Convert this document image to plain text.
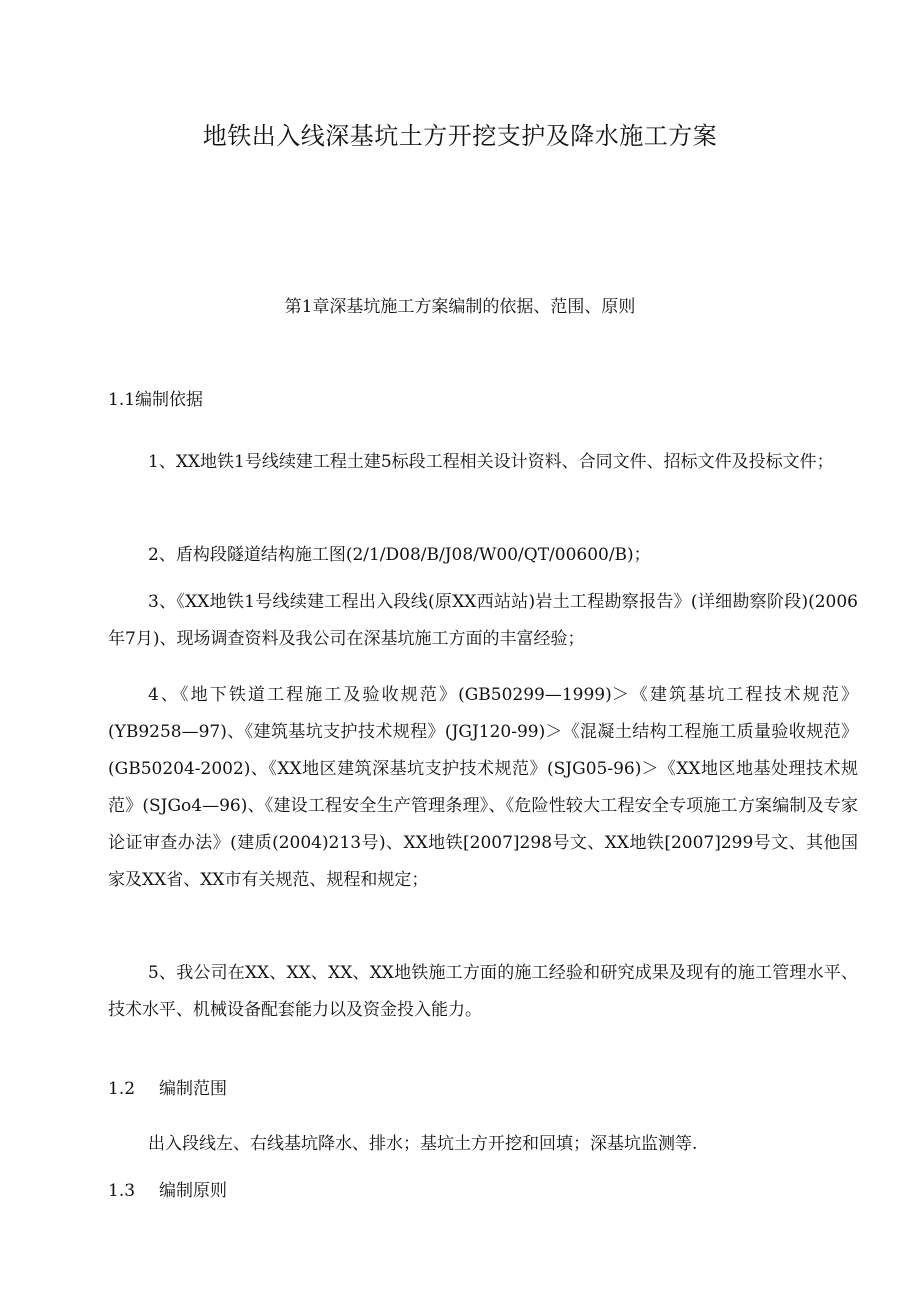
地铁出入线深基坑土方开挖支护及降水施工方案
第1章深基坑施工方案编制的依据、范围、原则
1.1编制依据

1、XX地铁1号线续建工程土建5标段工程相关设计资料、合同文件、招标文件及投标文件；

2、盾构段隧道结构施工图(2/1/D08/B/J08/W00/QT/00600/B)；

3、《XX地铁1号线续建工程出入段线(原XX西站站)岩土工程勘察报告》(详细勘察阶段)(2006年7月)、现场调查资料及我公司在深基坑施工方面的丰富经验；

4、《地下铁道工程施工及验收规范》(GB50299—1999)＞《建筑基坑工程技术规范》(YB9258—97)、《建筑基坑支护技术规程》(JGJ120-99)＞《混凝土结构工程施工质量验收规范》(GB50204-2002)、《XX地区建筑深基坑支护技术规范》(SJG05-96)＞《XX地区地基处理技术规范》(SJGo4—96)、《建设工程安全生产管理条理》、《危险性较大工程安全专项施工方案编制及专家论证审查办法》(建质(2004)213号)、XX地铁[2007]298号文、XX地铁[2007]299号文、其他国家及XX省、XX市有关规范、规程和规定；

5、我公司在XX、XX、XX、XX地铁施工方面的施工经验和研究成果及现有的施工管理水平、技术水平、机械设备配套能力以及资金投入能力。

1.2 编制范围
出入段线左、右线基坑降水、排水；基坑土方开挖和回填；深基坑监测等.
1.3 编制原则
